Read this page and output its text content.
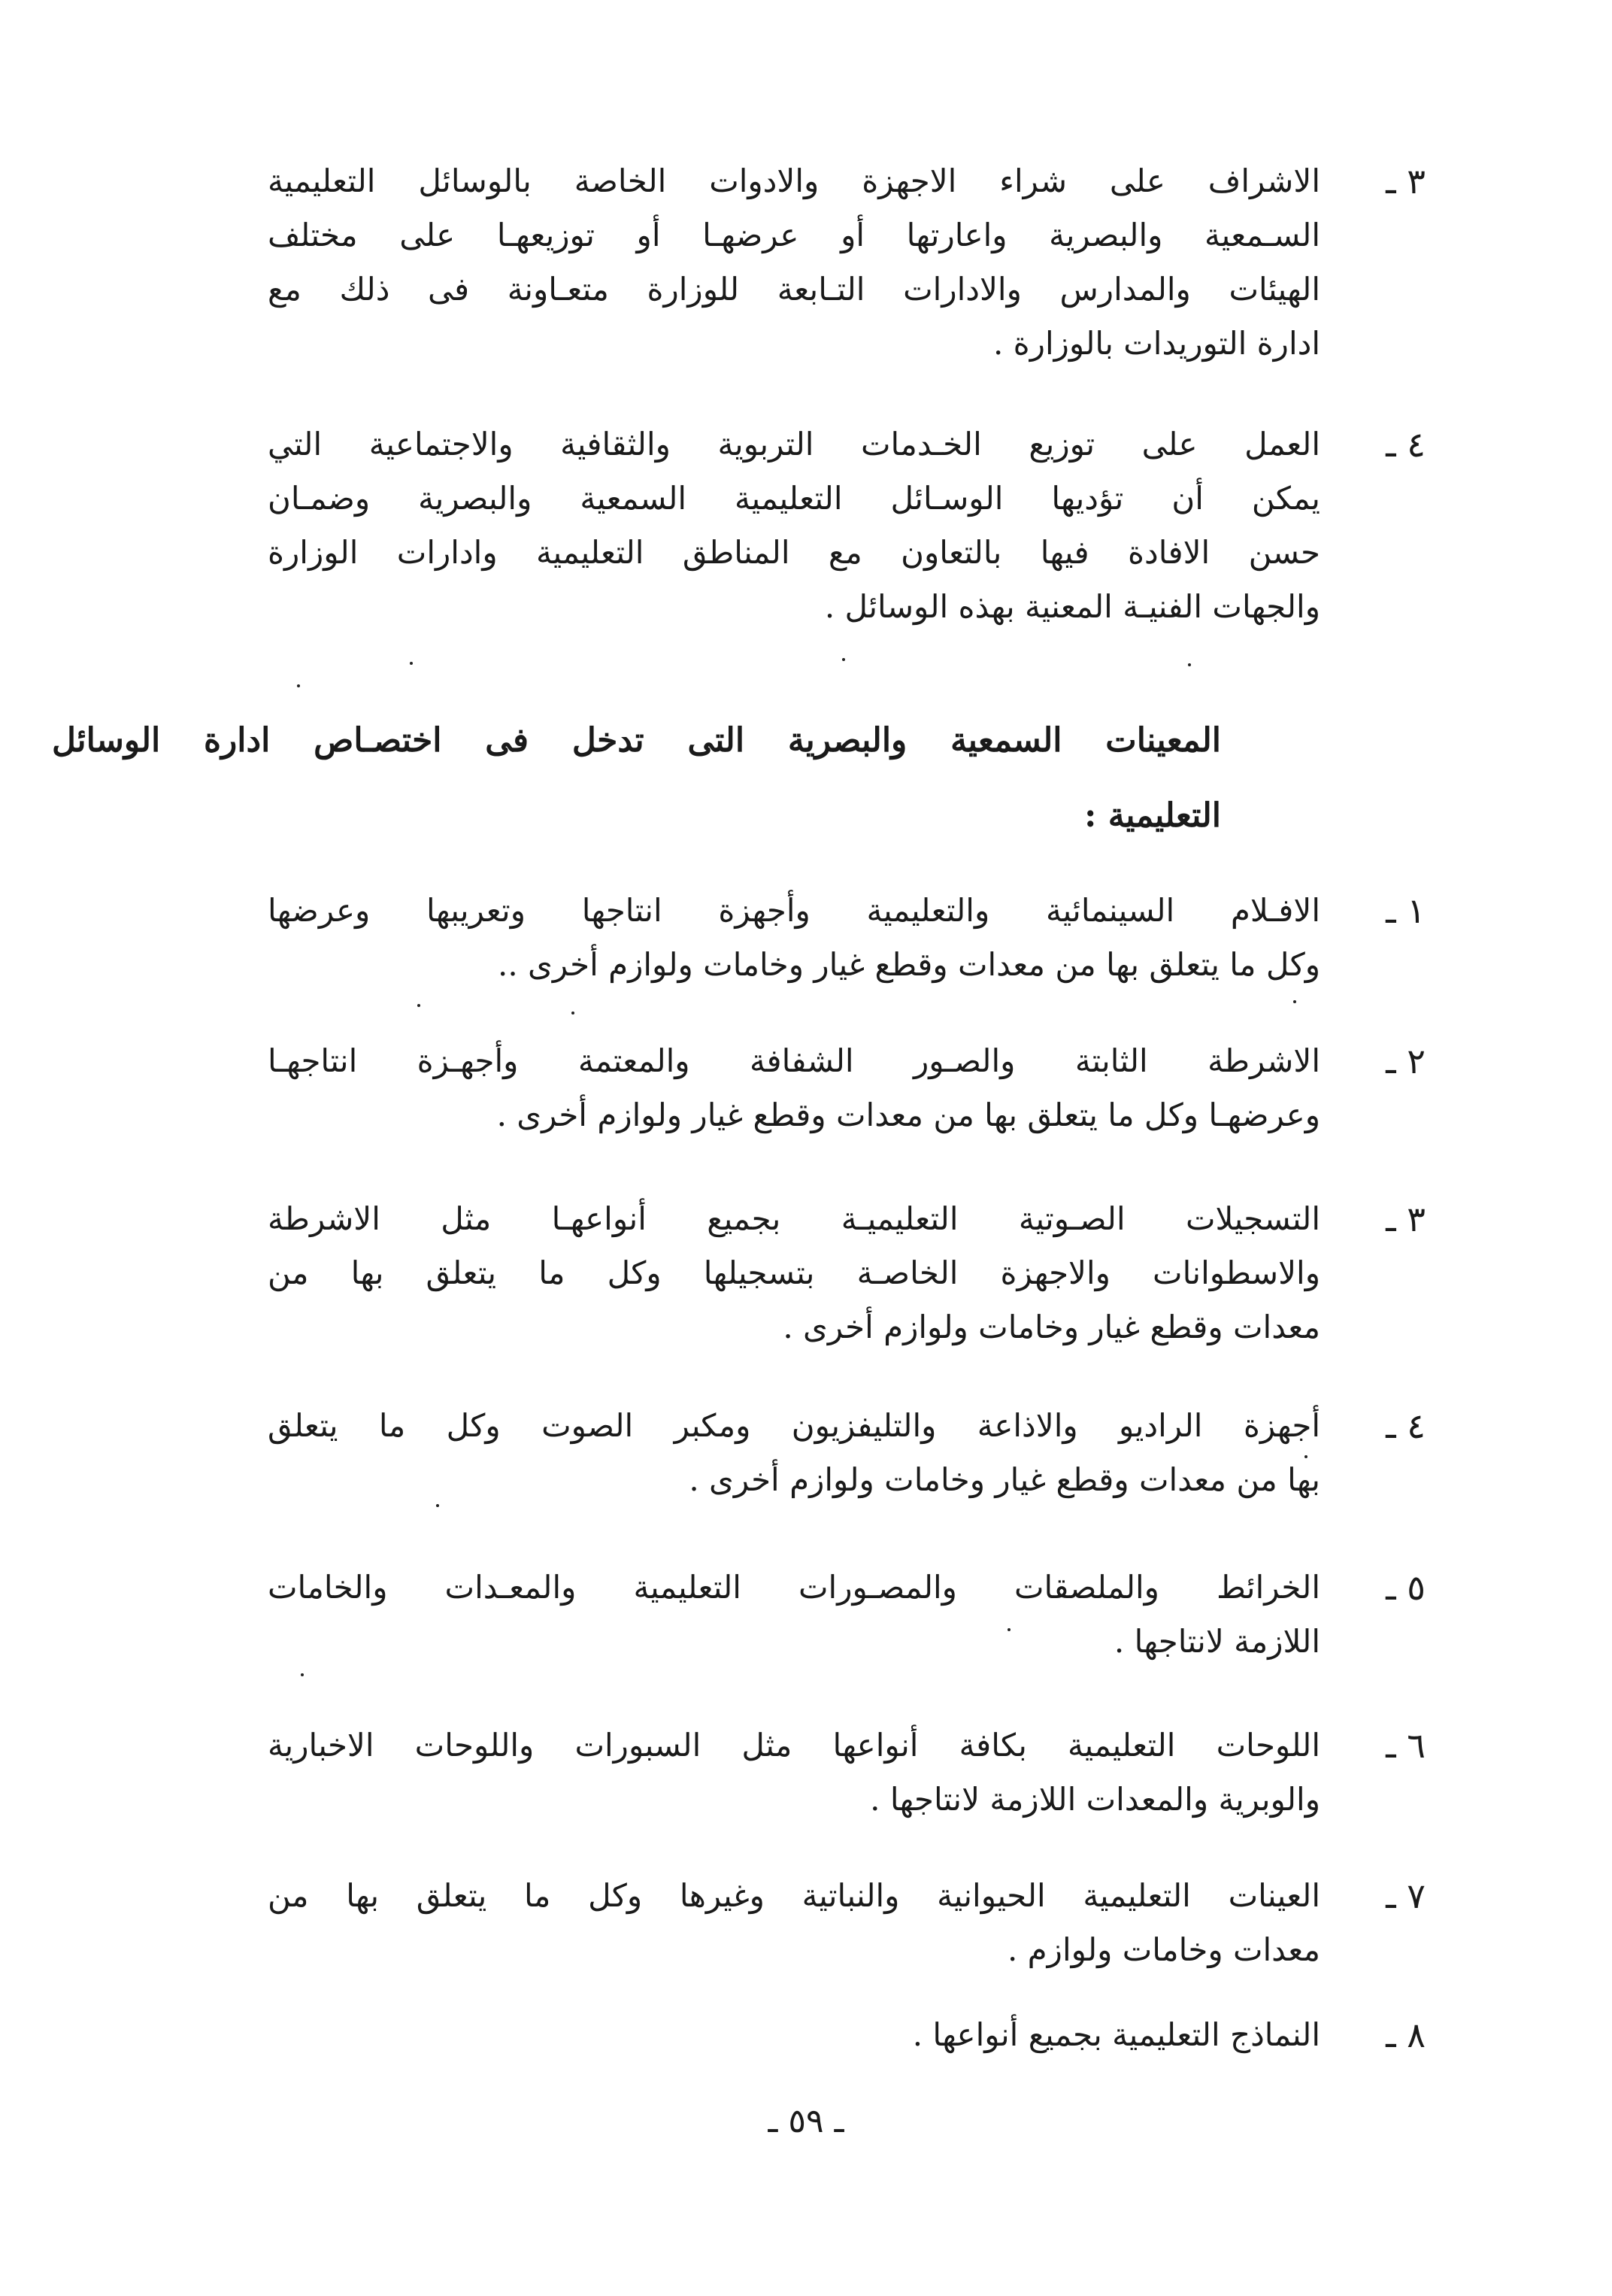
٣ ـ
الاشراف على شراء الاجهزة والادوات الخاصة بالوسائل التعليمية
السـمعية والبصرية واعارتها أو عرضهـا أو توزيعهـا على مختلف
الهيئات والمدارس والادارات التـابعة للوزارة متعـاونة فى ذلك مع
ادارة التوريدات بالوزارة .
٤ ـ
العمل على توزيع الخـدمات التربوية والثقافية والاجتماعية التي
يمكن أن تؤديها الوسـائل التعليمية السمعية والبصرية وضمـان
حسن الافادة فيها بالتعاون مع المناطق التعليمية وادارات الوزارة
والجهات الفنيـة المعنية بهذه الوسائل .
المعينات السمعية والبصرية التى تدخل فى اختصـاص ادارة الوسائل
التعليمية :
١ ـ
الافـلام السينمائية والتعليمية وأجهزة انتاجها وتعريبها وعرضها
وكل ما يتعلق بها من معدات وقطع غيار وخامات ولوازم أخرى ..
٢ ـ
الاشرطة الثابتة والصـور الشفافة والمعتمة وأجهـزة انتاجهـا
وعرضهـا وكل ما يتعلق بها من معدات وقطع غيار ولوازم أخرى .
٣ ـ
التسجيلات الصـوتية التعليميـة بجميع أنواعهـا مثل الاشرطة
والاسطوانات والاجهزة الخاصـة بتسجيلها وكل ما يتعلق بها من
معدات وقطع غيار وخامات ولوازم أخرى .
٤ ـ
أجهزة الراديو والاذاعة والتليفزيون ومكبر الصوت وكل ما يتعلق
بها من معدات وقطع غيار وخامات ولوازم أخرى .
٥ ـ
الخرائط والملصقات والمصـورات التعليمية والمعـدات والخامات
اللازمة لانتاجها .
٦ ـ
اللوحات التعليمية بكافة أنواعها مثل السبورات واللوحات الاخبارية
والوبرية والمعدات اللازمة لانتاجها .
٧ ـ
العينات التعليمية الحيوانية والنباتية وغيرها وكل ما يتعلق بها من
معدات وخامات ولوازم .
٨ ـ
النماذج التعليمية بجميع أنواعها .
ـ ٥٩ ـ
